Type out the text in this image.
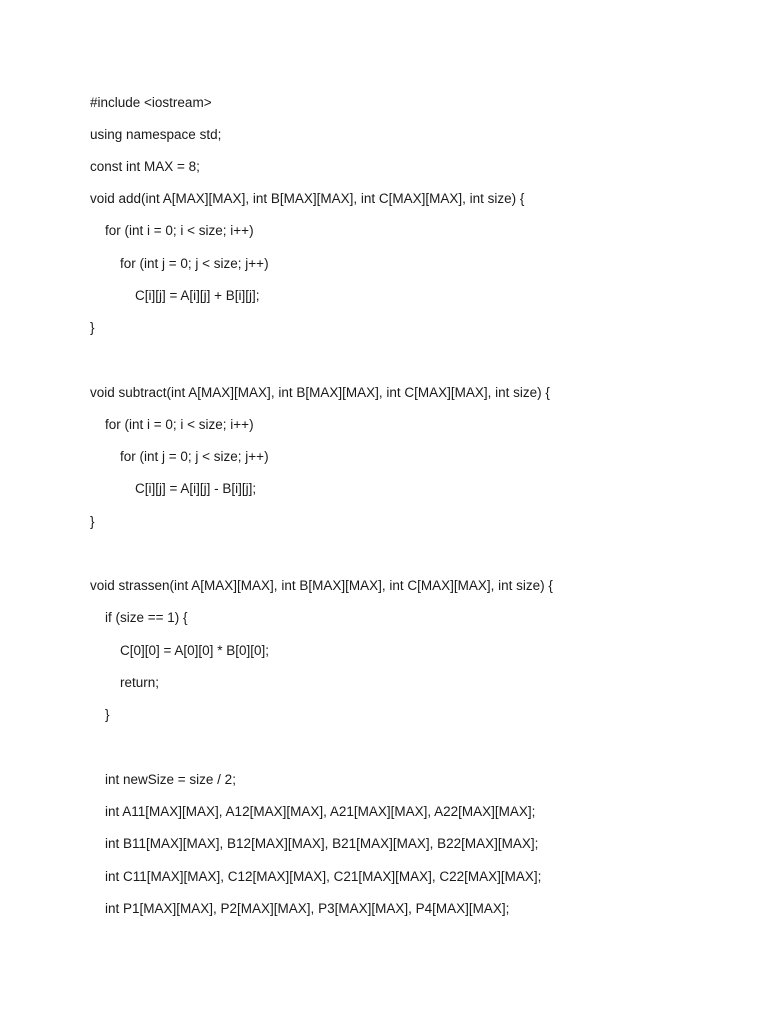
#include <iostream>
using namespace std;
const int MAX = 8;
void add(int A[MAX][MAX], int B[MAX][MAX], int C[MAX][MAX], int size) {
for (int i = 0; i < size; i++)
for (int j = 0; j < size; j++)
C[i][j] = A[i][j] + B[i][j];
}
void subtract(int A[MAX][MAX], int B[MAX][MAX], int C[MAX][MAX], int size) {
for (int i = 0; i < size; i++)
for (int j = 0; j < size; j++)
C[i][j] = A[i][j] - B[i][j];
}
void strassen(int A[MAX][MAX], int B[MAX][MAX], int C[MAX][MAX], int size) {
if (size == 1) {
C[0][0] = A[0][0] * B[0][0];
return;
}
int newSize = size / 2;
int A11[MAX][MAX], A12[MAX][MAX], A21[MAX][MAX], A22[MAX][MAX];
int B11[MAX][MAX], B12[MAX][MAX], B21[MAX][MAX], B22[MAX][MAX];
int C11[MAX][MAX], C12[MAX][MAX], C21[MAX][MAX], C22[MAX][MAX];
int P1[MAX][MAX], P2[MAX][MAX], P3[MAX][MAX], P4[MAX][MAX];
